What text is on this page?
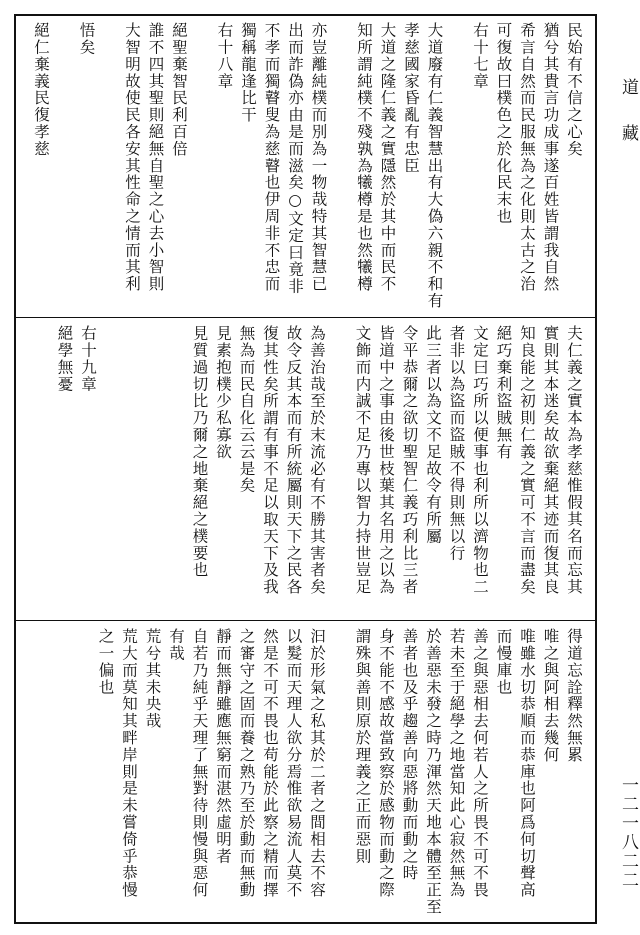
道　藏
一二一八二二
民始有不信之心矣
猶兮其貴言功成事遂百姓皆謂我自然
希言自然而民服無為之化則太古之治
可復故曰樸色之於化民末也
右十七章
大道廢有仁義智慧出有大偽六親不和有
孝慈國家昏亂有忠臣
大道之隆仁義之實隱然於其中而民不
知所謂純樸不殘孰為犧樽是也然犧樽
亦豈離純樸而別為一物哉特其智慧已
出而詐偽亦由是而滋矣○文定曰竟非
不孝而獨瞽叟為慈瞽也伊周非不忠而
獨稱龍逢比干
右十八章
絕聖棄智民利百倍
誰不四其聖則絕無自聖之心去小智則
大智明故使民各安其性命之情而其利
悟矣
絕仁棄義民復孝慈
夫仁義之實本為孝慈惟假其名而忘其
實則其本迷矣故欲棄絕其迹而復其良
知良能之初則仁義之實可不言而盡矣
絕巧棄利盜賊無有
文定曰巧所以便事也利所以濟物也二
者非以為盜而盜賊不得則無以行
此三者以為文不足故令有所屬
令平恭爾之欲切聖智仁義巧利比三者
皆道中之事由後世枝葉其名用之以為
文飾而内誠不足乃專以智力持世豈足
為善治哉至於末流必有不勝其害者矣
故令反其本而有所統屬則天下之民各
復其性矣所謂有事不足以取天下及我
無為而民自化云云是矣
見素抱樸少私寡欲
見質過切比乃爾之地棄絕之樸要也
右十九章
絕學無憂
得道忘詮釋然無累
唯之與阿相去幾何
唯雖水切恭順而恭庫也阿爲何切聲高
而慢庫也
善之與惡相去何若人之所畏不可不畏
若未至于絕學之地當知此心寂然無為
於善惡未發之時乃渾然天地本體至正至
善者也及乎趨善向惡將動而動之時
身不能不感故當致察於感物而動之際
謂殊與善則原於理義之正而惡則
汩於形氣之私其於二者之間相去不容
以髮而天理人欲分焉惟欲易流人莫不
然是不可不畏也苟能於此察之精而擇
之審守之固而養之熟乃至於動而無動
靜而無靜雖應無窮而湛然虛明者
自若乃純乎天理了無對待則慢與惡何
有哉
荒兮其未央哉
荒大而莫知其畔岸則是未嘗倚乎恭慢
之一偏也
